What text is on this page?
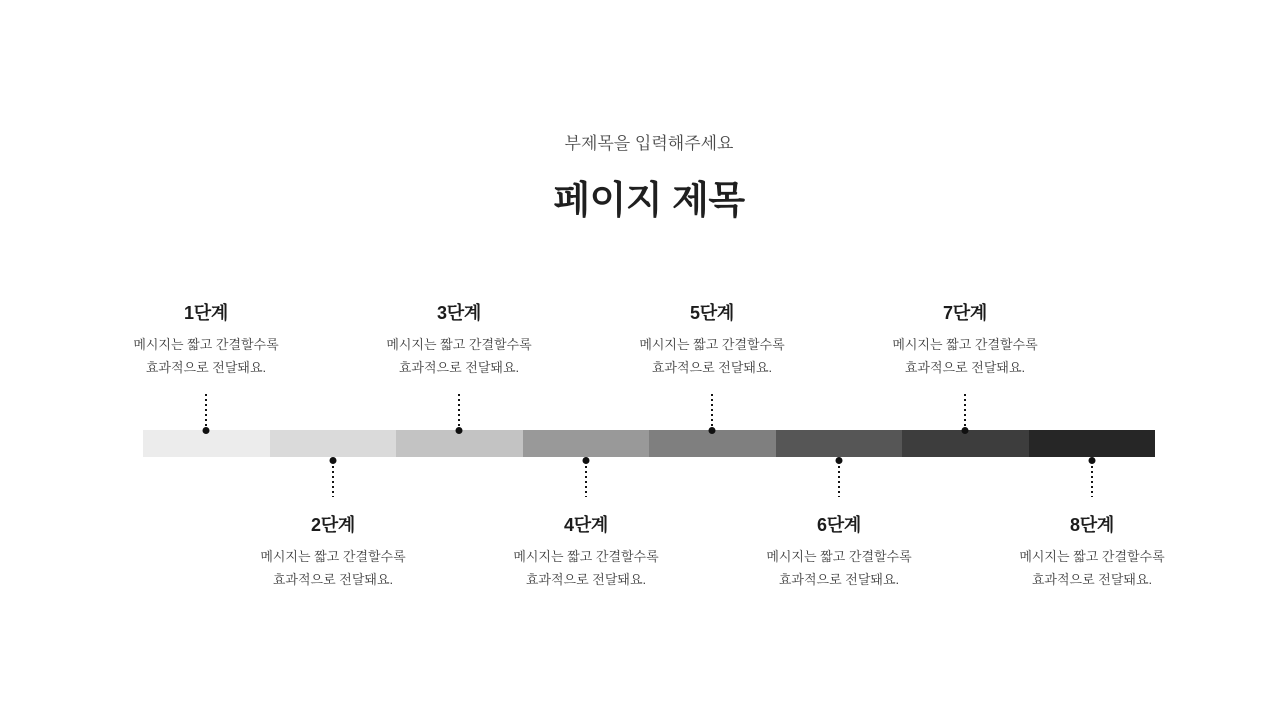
부제목을 입력해주세요
페이지 제목
1단계
메시지는 짧고 간결할수록
효과적으로 전달돼요.
3단계
메시지는 짧고 간결할수록
효과적으로 전달돼요.
5단계
메시지는 짧고 간결할수록
효과적으로 전달돼요.
7단계
메시지는 짧고 간결할수록
효과적으로 전달돼요.
2단계
메시지는 짧고 간결할수록
효과적으로 전달돼요.
4단계
메시지는 짧고 간결할수록
효과적으로 전달돼요.
6단계
메시지는 짧고 간결할수록
효과적으로 전달돼요.
8단계
메시지는 짧고 간결할수록
효과적으로 전달돼요.
